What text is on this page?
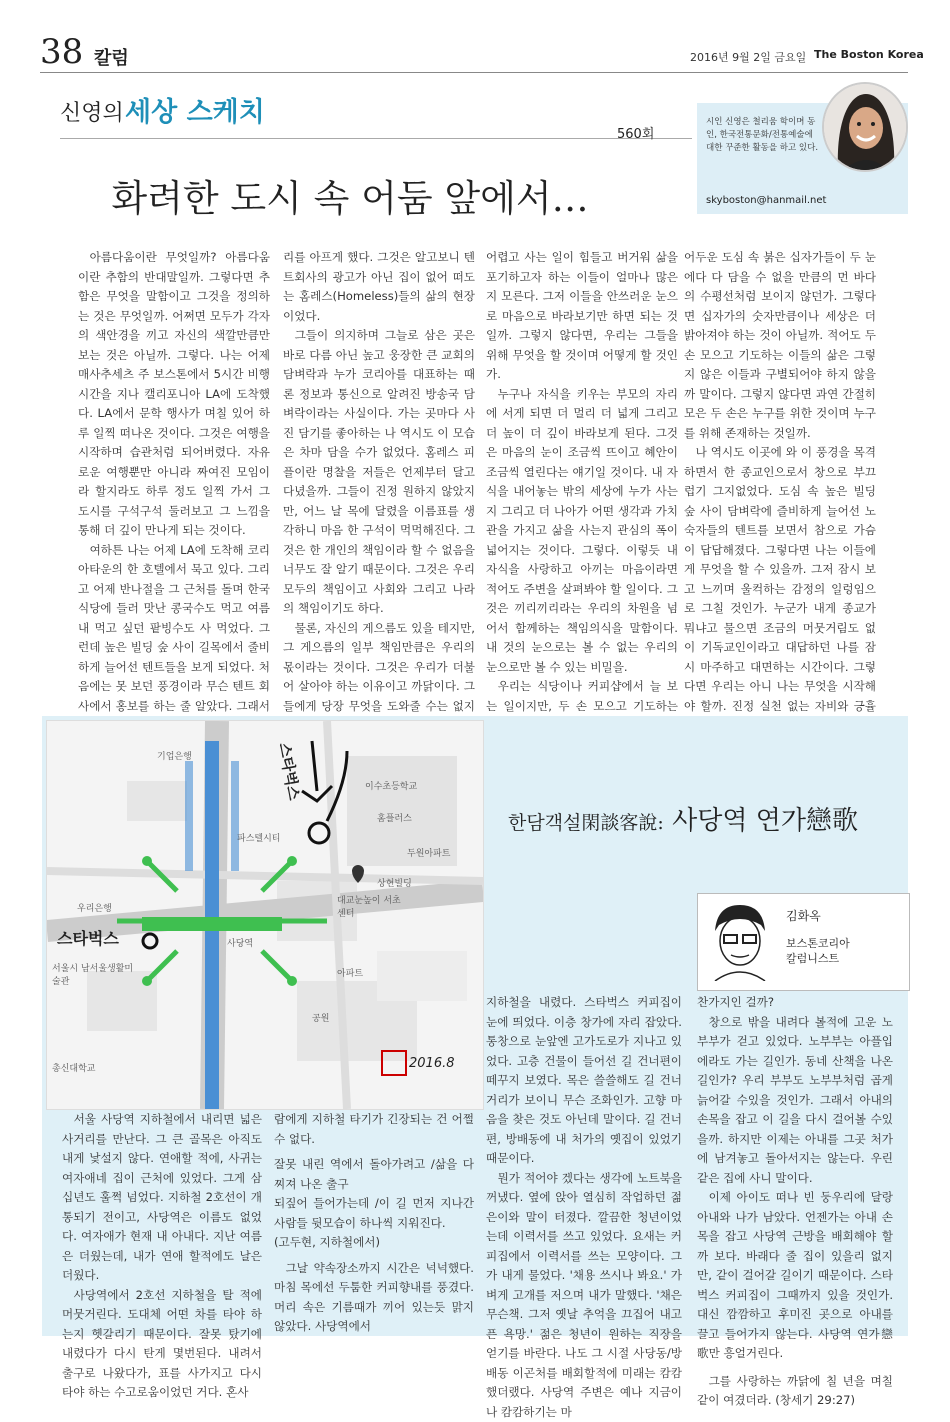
38 칼럼	2016년 9월 2일 금요일 The Boston Korea
신영의 세상 스케치
560회
화려한 도시 속 어둠 앞에서…
시인 신영은 철리움 학이며 동인, 한국전통문화/전통예술에 대한 꾸준한 활동을 하고 있다.
skyboston@hanmail.net

아름다움이란 무엇일까? 아름다움이란 추함의 반대말일까. 그렇다면 추함은 무엇을 말함이고 그것을 정의하는 것은 무엇일까. 어쩌면 모두가 각자의 색안경을 끼고 자신의 색깔만큼만 보는 것은 아닐까. 그렇다. 나는 어제 매사추세츠 주 보스톤에서 5시간 비행시간을 지나 캘리포니아 LA에 도착했다. LA에서 문학 행사가 며칠 있어 하루 일찍 떠나온 것이다. 그것은 여행을 시작하며 습관처럼 되어버렸다. 자유로운 여행뿐만 아니라 짜여진 모임이라 할지라도 하루 정도 일찍 가서 그 도시를 구석구석 둘러보고 그 느낌을 통해 더 깊이 만나게 되는 것이다.

여하튼 나는 어제 LA에 도착해 코리아타운의 한 호텔에서 묵고 있다. 그리고 어제 반나절을 그 근처를 돌며 한국 식당에 들러 맛난 콩국수도 먹고 여름내 먹고 싶던 팥빙수도 사 먹었다. 그런데 높은 빌딩 숲 사이 길목에서 줄비하게 늘어선 텐트들을 보게 되었다. 처음에는 못 보던 풍경이라 무슨 텐트 회사에서 홍보를 하는 줄 알았다. 그래서

리를 아프게 했다. 그것은 알고보니 텐트회사의 광고가 아닌 집이 없어 떠도는 홈레스(Homeless)들의 삶의 현장이었다.

그들이 의지하며 그늘로 삼은 곳은 바로 다름 아닌 높고 웅장한 큰 교회의 담벼락과 누가 코리아를 대표하는 때론 정보과 통신으로 알려진 방송국 담벼락이라는 사실이다. 가는 곳마다 사진 담기를 좋아하는 나 역시도 이 모습은 차마 담을 수가 없었다. 홈레스 피플이란 명찰을 저들은 언제부터 달고 다녔을까. 그들이 진정 원하지 않았지만, 어느 날 목에 달렸을 이름표를 생각하니 마음 한 구석이 먹먹해진다. 그것은 한 개인의 책임이라 할 수 없음을 너무도 잘 알기 때문이다. 그것은 우리 모두의 책임이고 사회와 그리고 나라의 책임이기도 하다.

물론, 자신의 게으름도 있을 테지만, 그 게으름의 일부 책임만큼은 우리의 몫이라는 것이다. 그것은 우리가 더불어 살아야 하는 이유이고 까닭이다. 그들에게 당장 무엇을 도와줄 수는 없지

어렵고 사는 일이 힘들고 버거워 삶을 포기하고자 하는 이들이 얼마나 많은지 모른다. 그저 이들을 안쓰러운 눈으로 마음으로 바라보기만 하면 되는 것일까. 그렇지 않다면, 우리는 그들을 위해 무엇을 할 것이며 어떻게 할 것인가.

누구나 자식을 키우는 부모의 자리에 서게 되면 더 멀리 더 넓게 그리고 더 높이 더 깊이 바라보게 된다. 그것은 마음의 눈이 조금씩 뜨이고 혜안이 조금씩 열린다는 얘기일 것이다. 내 자식을 내어놓는 밖의 세상에 누가 사는지 그리고 더 나아가 어떤 생각과 가치관을 가지고 삶을 사는지 관심의 폭이 넓어지는 것이다. 그렇다. 이렇듯 내 자식을 사랑하고 아끼는 마음이라면 적어도 주변을 살펴봐야 할 일이다. 그것은 끼리끼리라는 우리의 차원을 넘어서 함께하는 책임의식을 말함이다. 내 것의 눈으로는 볼 수 없는 우리의 눈으로만 볼 수 있는 비밀을.

우리는 식당이나 커피샵에서 늘 보는 일이지만, 두 손 모으고 기도하는

어두운 도심 속 붉은 십자가들이 두 눈에다 다 담을 수 없을 만큼의 먼 바다의 수평선처럼 보이지 않던가. 그렇다면 십자가의 숫자만큼이나 세상은 더 밝아져야 하는 것이 아닐까. 적어도 두 손 모으고 기도하는 이들의 삶은 그렇지 않은 이들과 구별되어야 하지 않을까 말이다. 그렇지 않다면 과연 간절히 모은 두 손은 누구를 위한 것이며 누구를 위해 존재하는 것일까.

나 역시도 이곳에 와 이 풍경을 목격하면서 한 종교인으로서 창으로 부끄럽기 그지없었다. 도심 속 높은 빌딩 숲 사이 담벼락에 즐비하게 늘어선 노숙자들의 텐트를 보면서 참으로 가슴이 답답해졌다. 그렇다면 나는 이들에게 무엇을 할 수 있을까. 그저 잠시 보고 느끼며 울컥하는 감정의 일렁임으로 그칠 것인가. 누군가 내게 종교가 뭐냐고 물으면 조금의 머뭇거림도 없이 기독교인이라고 대답하던 나를 잠시 마주하고 대면하는 시간이다. 그렇다면 우리는 아니 나는 무엇을 시작해야 할까. 진정 실천 없는 자비와 긍휼

기업은행
사당역
파스텔시티
대교눈높이 서초센터
이수초등학교
총신대학교
서울시 남서울생활미술관
공원
우리은행
홈플러스
상현빌딩
두원아파트
아파트
스타벅스
스타벅스
2016.8
한담객설閑談客說: 사당역 연가戀歌
김화옥
보스톤코리아
칼럼니스트

지하철을 내렸다. 스타벅스 커피집이 눈에 띄었다. 이층 창가에 자리 잡았다. 통창으로 눈앞엔 고가도로가 지나고 있었다. 고층 건물이 들어선 길 건너편이 떼꾸지 보였다. 목은 쓸쓸해도 길 건너 거리가 보이니 무슨 조화인가. 고향 마음을 찾은 것도 아닌데 말이다. 길 건너편, 방배동에 내 처가의 옛집이 있었기 때문이다.

뭔가 적어야 겠다는 생각에 노트북을 꺼냈다. 옆에 앉아 열심히 작업하던 젊은이와 말이 터졌다. 깔끔한 청년이었는데 이력서를 쓰고 있었다. 요새는 커피집에서 이력서를 쓰는 모양이다. 그가 내게 물었다. '채용 쓰시나 봐요.' 가벼게 고개를 저으며 내가 말했다. '채은 무슨책. 그저 옛날 추억을 끄집어 내고픈 욕망.' 젊은 청년이 원하는 직장을 얻기를 바란다. 나도 그 시절 사당동/방배동 이곤처를 배회할적에 미래는 캄캄했더랬다. 사당역 주변은 예나 지금이나 캄캄하기는 마

찬가지인 걸까?

창으로 밖을 내려다 볼적에 고운 노부부가 걷고 있었다. 노부부는 아플입에라도 가는 길인가. 동네 산책을 나온 길인가? 우리 부부도 노부부처럼 곱게 늙어갈 수있을 것인가. 그래서 아내의 손목을 잡고 이 길을 다시 걸어볼 수있을까. 하지만 이제는 아내를 그곳 처가에 남겨놓고 돌아서지는 않는다. 우린 같은 집에 사니 말이다.

이제 아이도 떠나 빈 둥우리에 달랑 아내와 나가 남았다. 언젠가는 아내 손목을 잡고 사당역 근방을 배회해야 할까 보다. 바래다 줄 집이 있을리 없지만, 같이 걸어갈 길이기 때문이다. 스타벅스 커피집이 그때까지 있을 것인가. 대신 깜깜하고 후미진 곳으로 아내를 끌고 들어가지 않는다. 사당역 연가戀歌만 흥얼거린다.

그를 사랑하는 까닭에 칠 년을 며칠 같이 여겼더라. (창세기 29:27)

서울 사당역 지하철에서 내리면 넓은 사거리를 만난다. 그 큰 골목은 아직도 내게 낯설지 않다. 연애할 적에, 사귀는 여자애네 집이 근처에 있었다. 그게 삼십년도 훌쩍 넘었다. 지하철 2호선이 개통되기 전이고, 사당역은 이름도 없었다. 여자애가 현재 내 아내다. 지난 여름은 더웠는데, 내가 연애 할적에도 날은 더웠다.

사당역에서 2호선 지하철을 탈 적에 머뭇거린다. 도대체 어떤 차를 타야 하는지 헷갈리기 때문이다. 잘못 탔기에 내렸다가 다시 탄게 몇번된다. 내려서 출구로 나왔다가, 표를 사가지고 다시 타야 하는 수고로움이었던 거다. 혼사

람에게 지하철 타기가 긴장되는 건 어쩔 수 없다.

잘못 내린 역에서 돌아가려고 /삶을 다 찌져 나온 출구

되짚어 들어가는데 /이 길 먼저 지나간 사람들 뒷모습이 하나씩 지워진다.

(고두현, 지하철에서)

그날 약속장소까지 시간은 넉넉했다. 마침 목에선 두툼한 커피향내를 풍겼다. 머리 속은 기름때가 끼어 있는듯 맑지 않았다. 사당역에서
